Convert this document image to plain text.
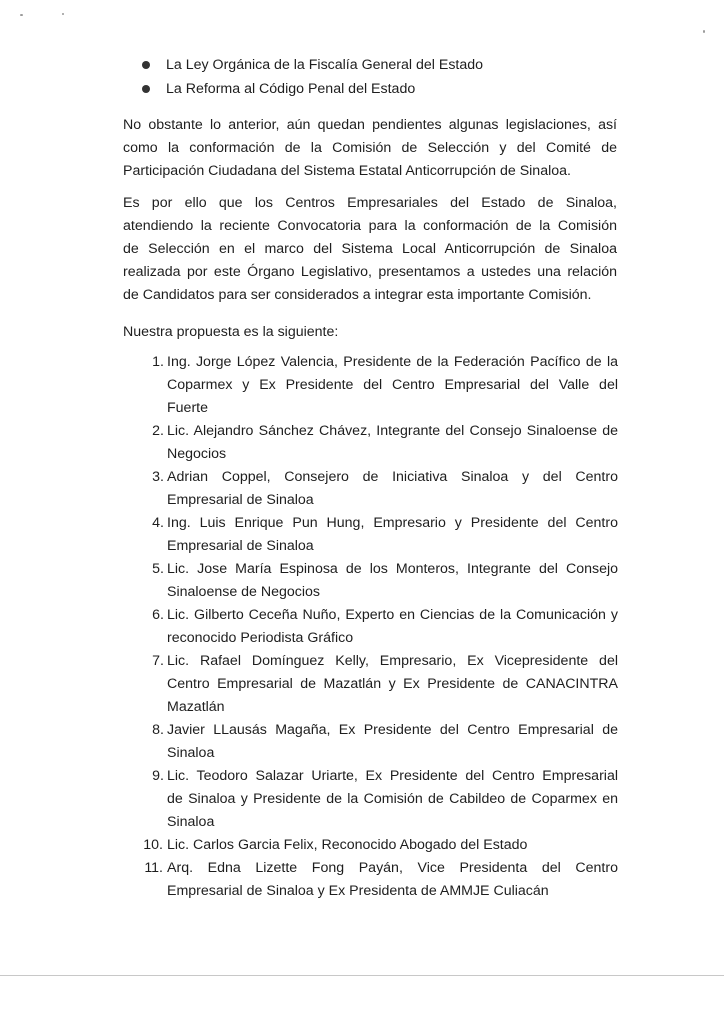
La Ley Orgánica de la Fiscalía General del Estado
La Reforma al Código Penal del Estado
No obstante lo anterior, aún quedan pendientes algunas legislaciones, así
como la conformación de la Comisión de Selección y del Comité de
Participación Ciudadana del Sistema Estatal Anticorrupción de Sinaloa.
Es por ello que los Centros Empresariales del Estado de Sinaloa,
atendiendo la reciente Convocatoria para la conformación de la Comisión
de Selección en el marco del Sistema Local Anticorrupción de Sinaloa
realizada por este Órgano Legislativo, presentamos a ustedes una relación
de Candidatos para ser considerados a integrar esta importante Comisión.
Nuestra propuesta es la siguiente:
1. Ing. Jorge López Valencia, Presidente de la Federación Pacífico de la
Coparmex y Ex Presidente del Centro Empresarial del Valle del
Fuerte
2. Lic. Alejandro Sánchez Chávez, Integrante del Consejo Sinaloense de
Negocios
3. Adrian Coppel, Consejero de Iniciativa Sinaloa y del Centro
Empresarial de Sinaloa
4. Ing. Luis Enrique Pun Hung, Empresario y Presidente del Centro
Empresarial de Sinaloa
5. Lic. Jose María Espinosa de los Monteros, Integrante del Consejo
Sinaloense de Negocios
6. Lic. Gilberto Ceceña Nuño, Experto en Ciencias de la Comunicación y
reconocido Periodista Gráfico
7. Lic. Rafael Domínguez Kelly, Empresario, Ex Vicepresidente del
Centro Empresarial de Mazatlán y Ex Presidente de CANACINTRA
Mazatlán
8. Javier LLausás Magaña, Ex Presidente del Centro Empresarial de
Sinaloa
9. Lic. Teodoro Salazar Uriarte, Ex Presidente del Centro Empresarial
de Sinaloa y Presidente de la Comisión de Cabildeo de Coparmex en
Sinaloa
10. Lic. Carlos Garcia Felix, Reconocido Abogado del Estado
11. Arq. Edna Lizette Fong Payán, Vice Presidenta del Centro
Empresarial de Sinaloa y Ex Presidenta de AMMJE Culiacán
